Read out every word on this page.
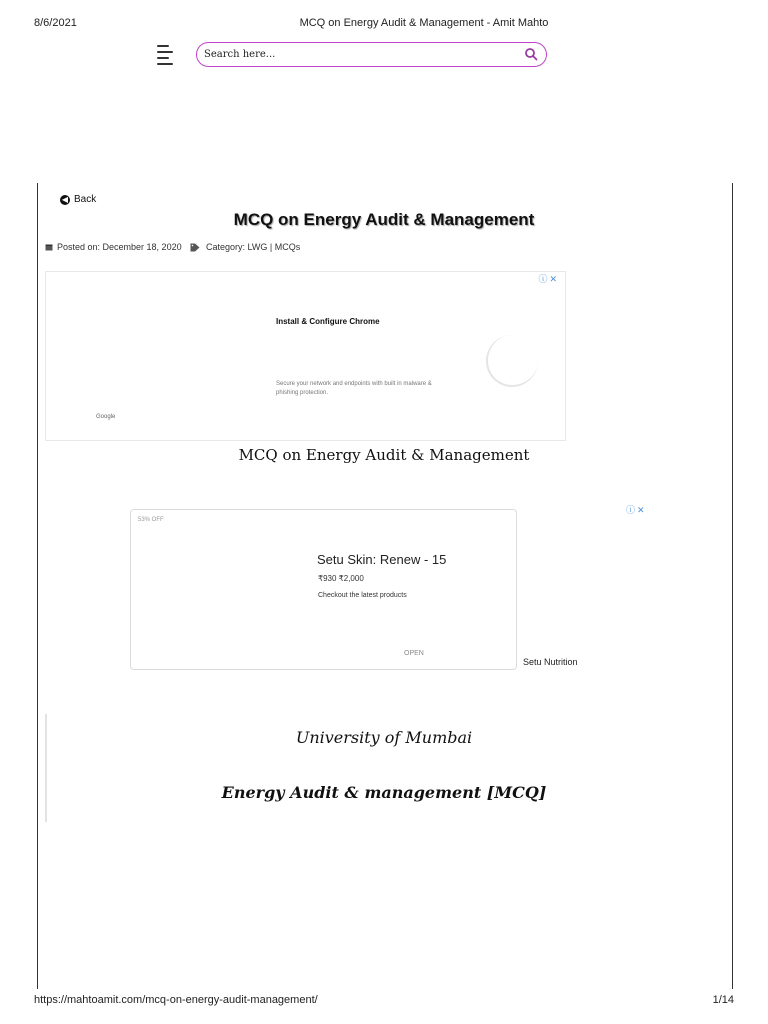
8/6/2021	MCQ on Energy Audit & Management - Amit Mahto
Search here...
◀ Back
MCQ on Energy Audit & Management
Posted on: December 18, 2020	Category: LWG | MCQs
ⓘ✕
Install & Configure Chrome
Secure your network and endpoints with built in malware & phishing protection.
Google
MCQ on Energy Audit & Management
ⓘ✕
53% OFF
Setu Skin: Renew - 15
₹930 ₹2,000
Checkout the latest products
OPEN
Setu Nutrition
University of Mumbai
Energy Audit & management [MCQ]
https://mahtoamit.com/mcq-on-energy-audit-management/	1/14
